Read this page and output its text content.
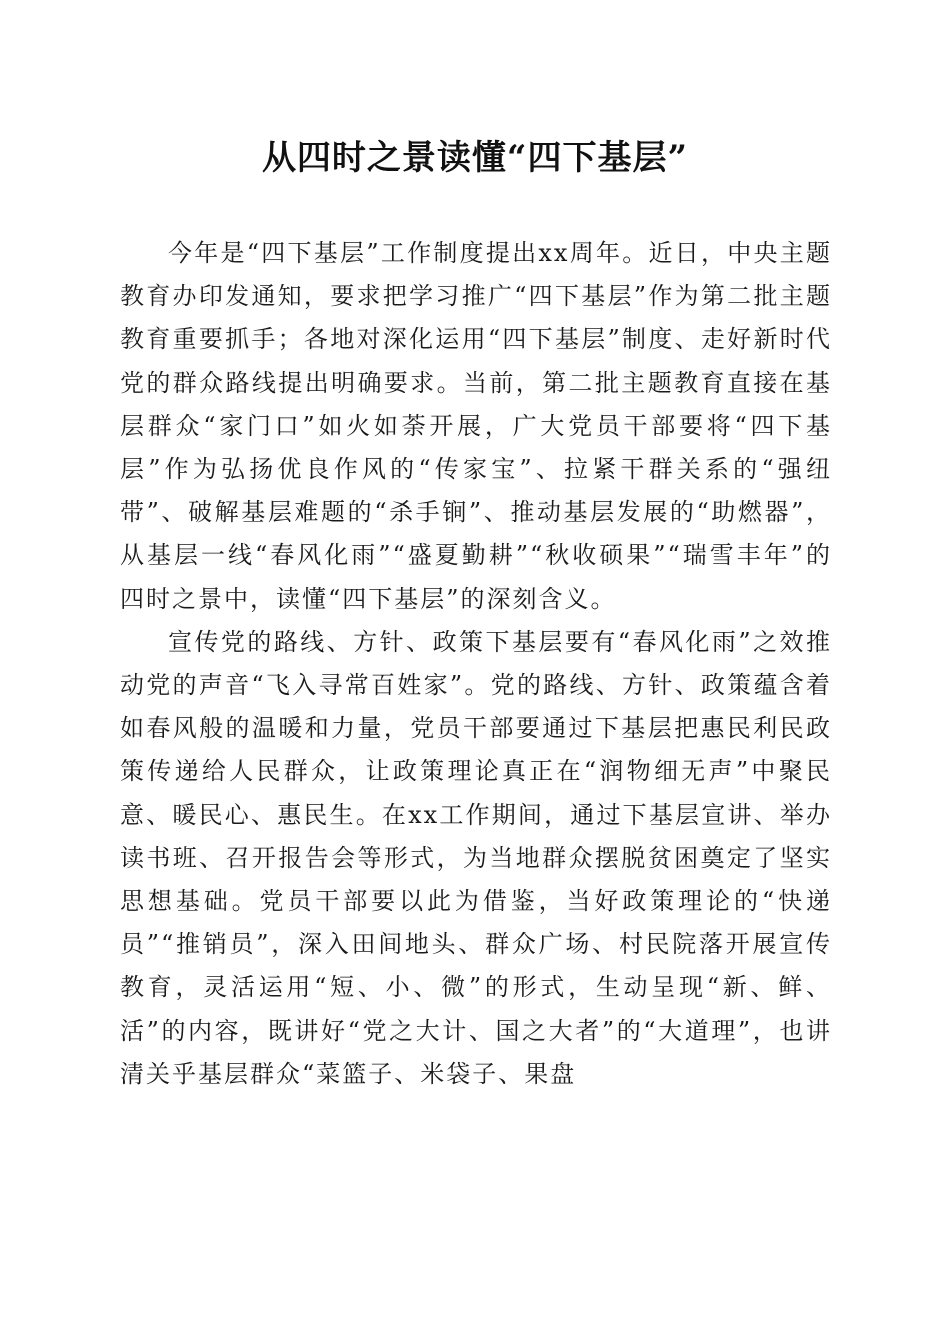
从四时之景读懂“四下基层”

今年是“四下基层”工作制度提出xx周年。近日，中央主题教育办印发通知，要求把学习推广“四下基层”作为第二批主题教育重要抓手；各地对深化运用“四下基层”制度、走好新时代党的群众路线提出明确要求。当前，第二批主题教育直接在基层群众“家门口”如火如荼开展，广大党员干部要将“四下基层”作为弘扬优良作风的“传家宝”、拉紧干群关系的“强纽带”、破解基层难题的“杀手锏”、推动基层发展的“助燃器”，从基层一线“春风化雨”“盛夏勤耕”“秋收硕果”“瑞雪丰年”的四时之景中，读懂“四下基层”的深刻含义。

宣传党的路线、方针、政策下基层要有“春风化雨”之效推动党的声音“飞入寻常百姓家”。党的路线、方针、政策蕴含着如春风般的温暖和力量，党员干部要通过下基层把惠民利民政策传递给人民群众，让政策理论真正在“润物细无声”中聚民意、暖民心、惠民生。在xx工作期间，通过下基层宣讲、举办读书班、召开报告会等形式，为当地群众摆脱贫困奠定了坚实思想基础。党员干部要以此为借鉴，当好政策理论的“快递员”“推销员”，深入田间地头、群众广场、村民院落开展宣传教育，灵活运用“短、小、微”的形式，生动呈现“新、鲜、活”的内容，既讲好“党之大计、国之大者”的“大道理”，也讲清关乎基层群众“菜篮子、米袋子、果盘
